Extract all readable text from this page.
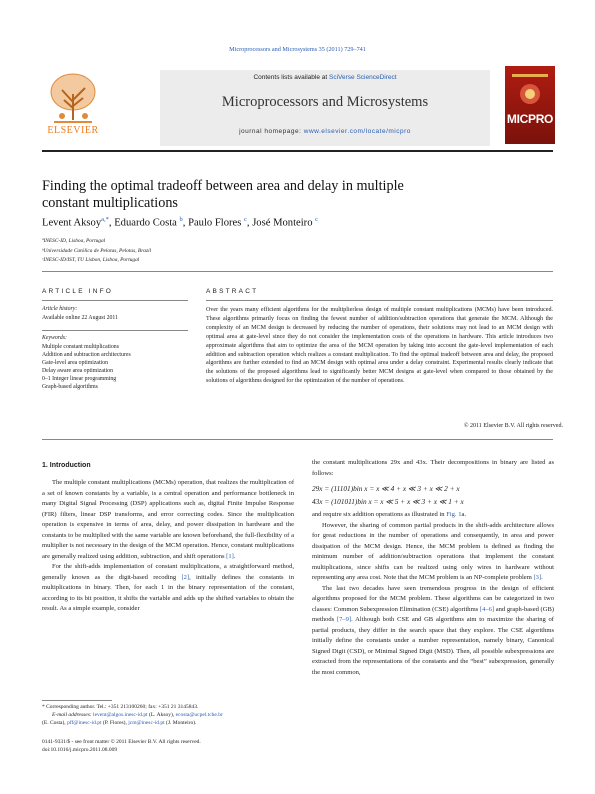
Microprocessors and Microsystems 35 (2011) 729–741
Contents lists available at SciVerse ScienceDirect
Microprocessors and Microsystems
journal homepage: www.elsevier.com/locate/micpro
ELSEVIER
MICPRO
Finding the optimal tradeoff between area and delay in multiple
constant multiplications
Levent Aksoy$^{a,*}$, Eduardo Costa $^b$, Paulo Flores $^c$, José Monteiro $^c$
ªINESC-ID, Lisboa, Portugal
ᵇUniversidade Católica de Pelotas, Pelotas, Brazil
ᶜINESC-ID/IST, TU Lisbon, Lisboa, Portugal
ARTICLE INFO
Article history:
Available online 22 August 2011
Keywords:
Multiple constant multiplications
Addition and subtraction architectures
Gate-level area optimization
Delay aware area optimization
0–1 Integer linear programming
Graph-based algorithms
ABSTRACT
Over the years many efficient algorithms for the multiplierless design of multiple constant multiplications (MCMs) have been introduced. These algorithms primarily focus on finding the fewest number of addition/subtraction operations that generate the MCM. Although the complexity of an MCM design is decreased by reducing the number of operations, their solutions may not lead to an MCM design with optimal area at gate-level since they do not consider the implementation costs of the operations in hardware. This article introduces two approximate algorithms that aim to optimize the area of the MCM operation by taking into account the gate-level implementation of each addition and subtraction operation which realizes a constant multiplication. To find the optimal tradeoff between area and delay, the proposed algorithms are further extended to find an MCM design with optimal area under a delay constraint. Experimental results clearly indicate that the solutions of the proposed algorithms lead to significantly better MCM designs at gate-level when compared to those obtained by the solutions of algorithms designed for the optimization of the number of operations.
© 2011 Elsevier B.V. All rights reserved.
1. Introduction

The multiple constant multiplications (MCMs) operation, that realizes the multiplication of a set of known constants by a variable, is a central operation and performance bottleneck in many Digital Signal Processing (DSP) applications such as, digital Finite Impulse Response (FIR) filters, linear DSP transforms, and error correcting codes. Since the multiplication operation is expensive in terms of area, delay, and power dissipation in hardware and the constants to be multiplied with the same variable are known beforehand, the full-flexibility of a multiplier is not necessary in the design of the MCM operation. Hence, constant multiplications are generally realized using addition, subtraction, and shift operations [1].

For the shift-adds implementation of constant multiplications, a straightforward method, generally known as the digit-based recoding [2], initially defines the constants in multiplications in binary. Then, for each 1 in the binary representation of the constant, according to its bit position, it shifts the variable and adds up the shifted variables to obtain the result. As a simple example, consider

the constant multiplications 29x and 43x. Their decompositions in binary are listed as follows:
29x = (11101)bin x = x ≪ 4 + x ≪ 3 + x ≪ 2 + x
43x = (101011)bin x = x ≪ 5 + x ≪ 3 + x ≪ 1 + x
and require six addition operations as illustrated in Fig. 1a.

However, the sharing of common partial products in the shift-adds architecture allows for great reductions in the number of operations and consequently, in area and power dissipation of the MCM design. Hence, the MCM problem is defined as finding the minimum number of addition/subtraction operations that implement the constant multiplications, since shifts can be realized using only wires in hardware without representing any area cost. Note that the MCM problem is an NP-complete problem [3].

The last two decades have seen tremendous progress in the design of efficient algorithms proposed for the MCM problem. These algorithms can be categorized in two classes: Common Subexpression Elimination (CSE) algorithms [4–6] and graph-based (GB) methods [7–9]. Although both CSE and GB algorithms aim to maximize the sharing of partial products, they differ in the search space that they explore. The CSE algorithms initially define the constants under a number representation, namely binary, Canonical Signed Digit (CSD), or Minimal Signed Digit (MSD). Then, all possible subexpressions are extracted from the representations of the constants and the “best” subexpression, generally the most common,

* Corresponding author. Tel.: +351 213100260; fax: +351 21 3145843.
E-mail addresses: levent@algos.inesc-id.pt (L. Aksoy), ecosta@ucpel.tche.br
(E. Costa), pff@inesc-id.pt (P. Flores), jcm@inesc-id.pt (J. Monteiro).
0141-9331/$ - see front matter © 2011 Elsevier B.V. All rights reserved.
doi:10.1016/j.micpro.2011.08.009
